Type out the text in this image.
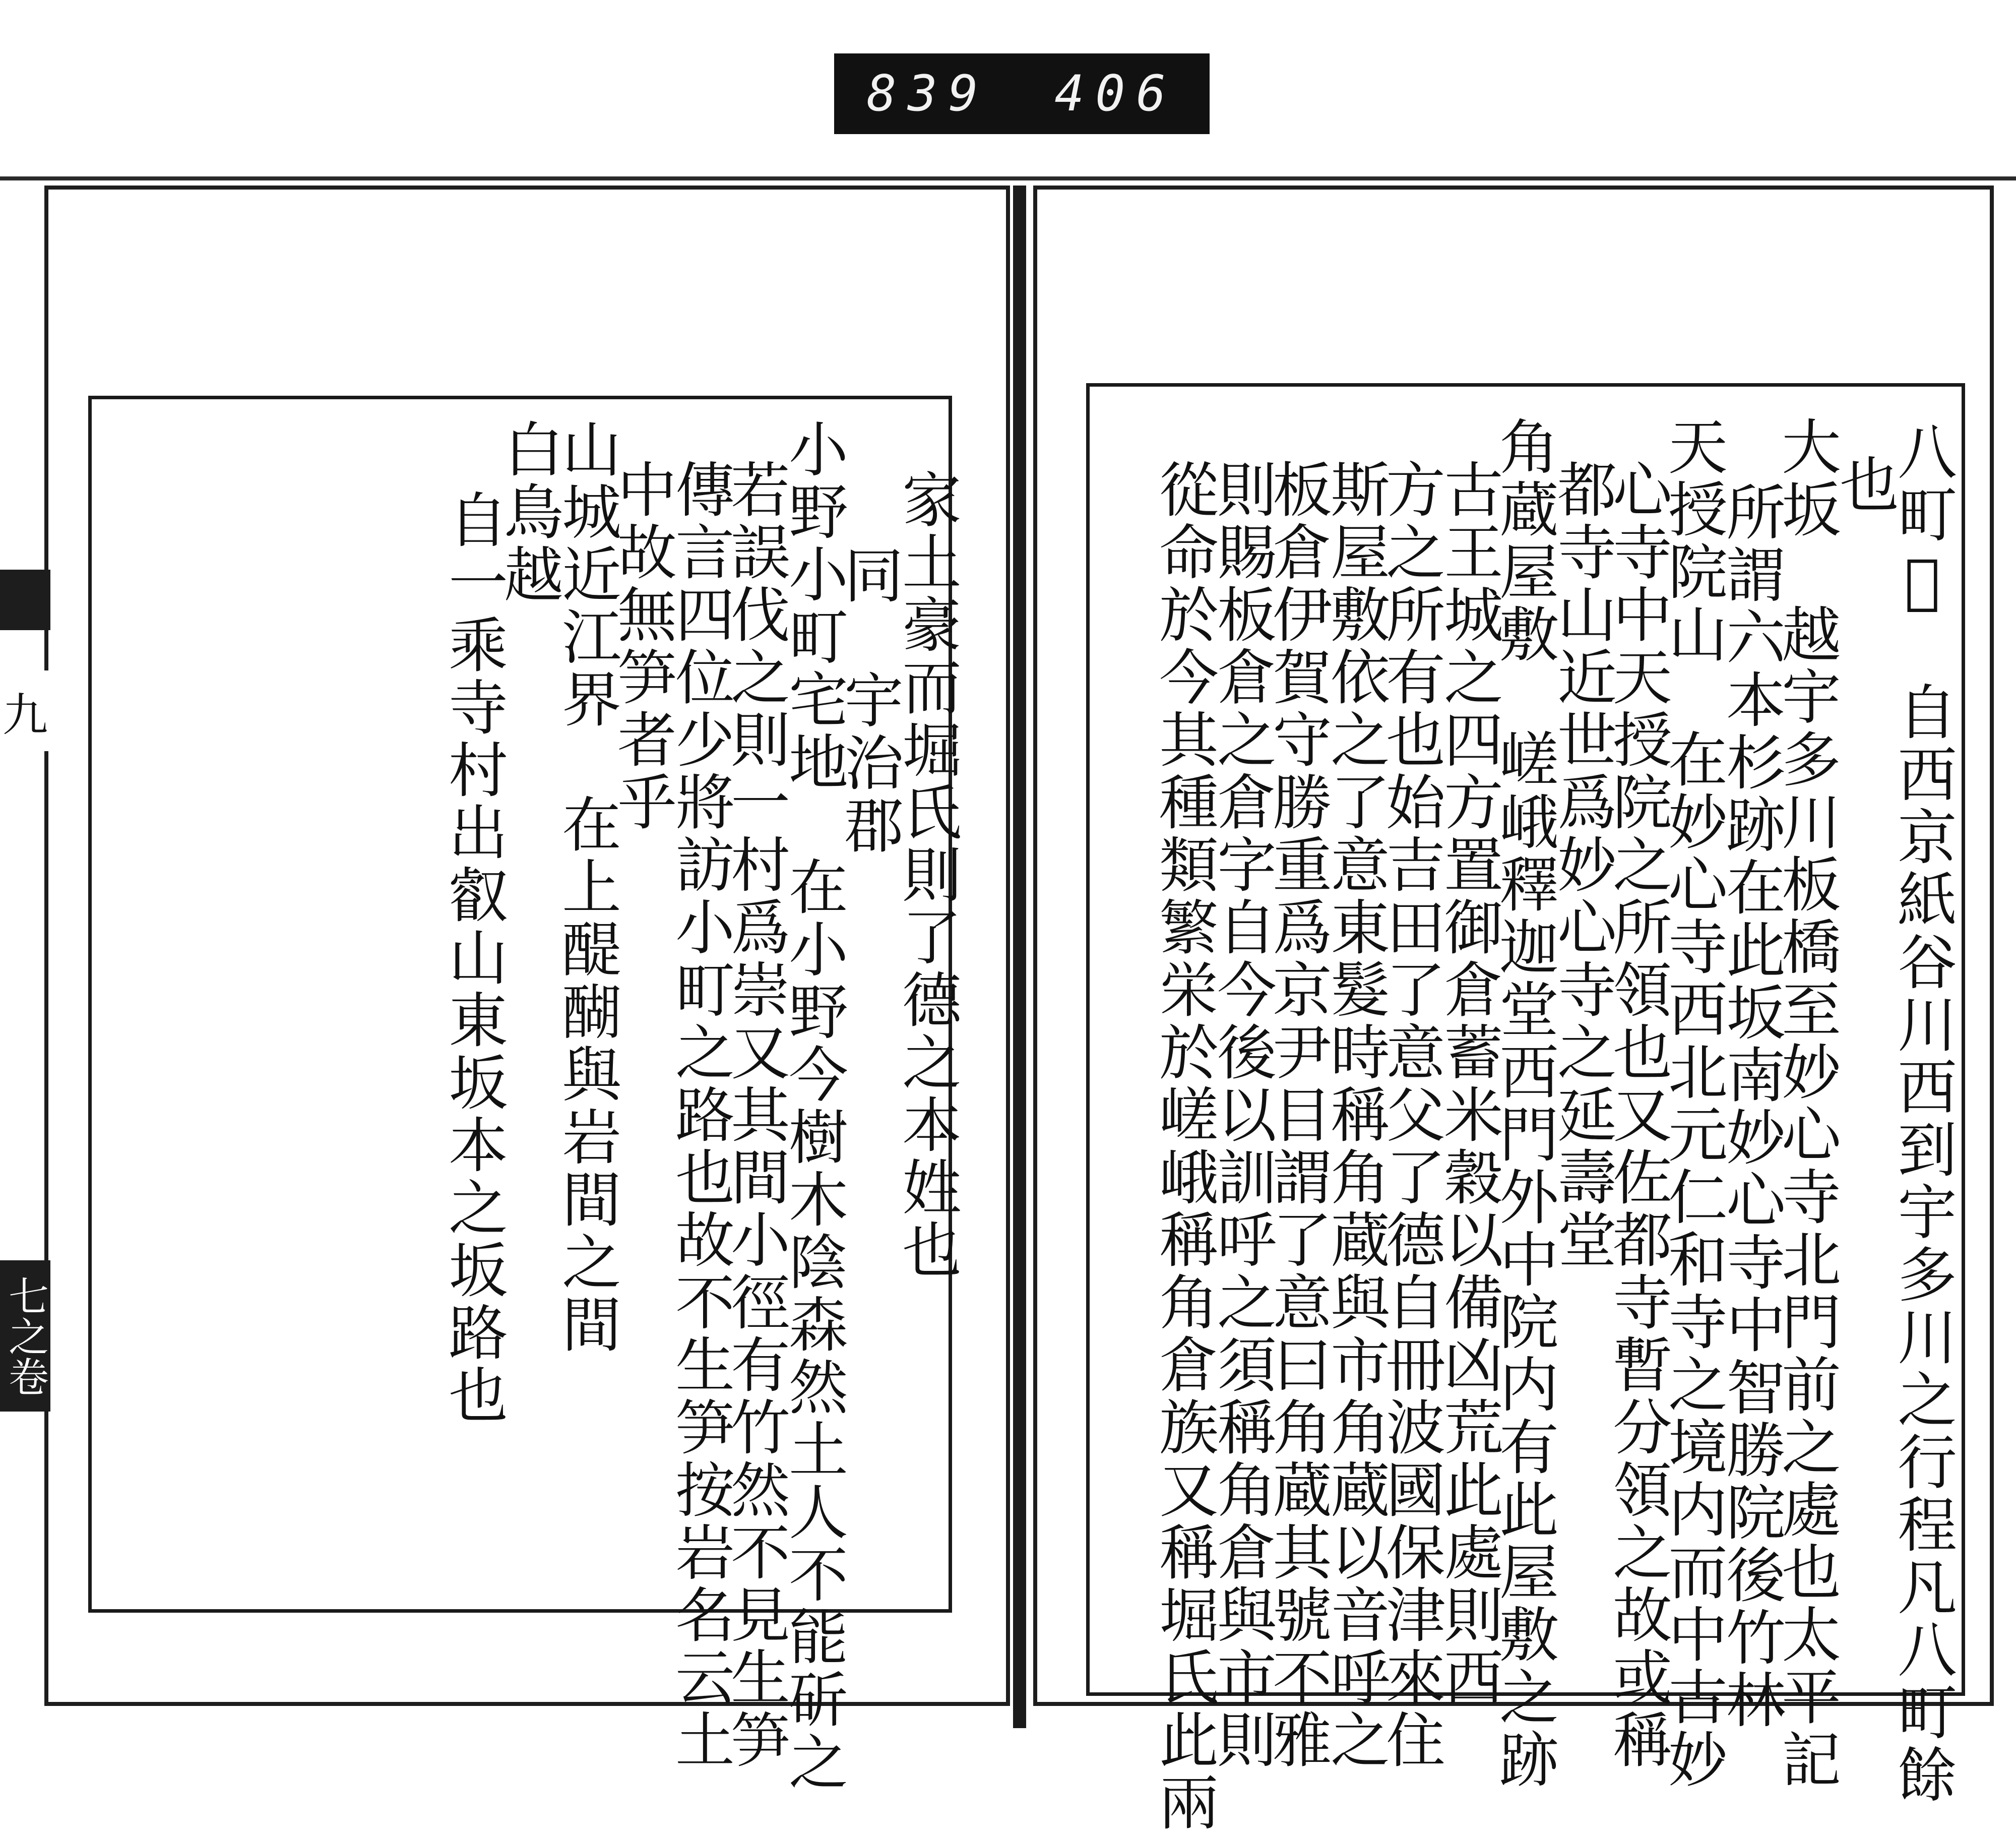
839 406
九
七之卷	八町𨖚　自西京紙谷川西到宇多川之行程凡八町餘
也
大坂　越宇多川板橋至妙心寺北門前之處也太平記
所謂六本杉跡在此坂南妙心寺中智勝院後竹林
天授院山　在妙心寺西北元仁和寺之境内而中古妙
心寺中天授院之所領也又佐都寺暫分領之故或稱
都寺山近世爲妙心寺之延壽堂
角蔵屋敷　嵯峨釋迦堂西門外中院内有此屋敷之跡
古王城之四方置御倉蓄米穀以備凶荒此處則西
方之所有也始吉田了意父了德自冊波國保津來住
斯屋敷依之了意東髮時稱角蔵與市角蔵以音呼之
板倉伊賀守勝重爲京尹目謂了意曰角蔵其號不雅
則賜板倉之倉字自今後以訓呼之須稱角倉與市則
從命於今其種類繁栄於嵯峨稱角倉族又稱堀氏此兩
家土豪而堀氏則了德之本姓也
同　宇治郡
小野小町宅地　在小野今樹木陰森然土人不能斫之
若誤伐之則一村爲崇又其間小徑有竹然不見生笋
傳言四位少將訪小町之路也故不生笋按岩名云土
中故無笋者乎
山城近江界　在上醍醐與岩間之間
白鳥越
自一乘寺村出叡山東坂本之坂路也
